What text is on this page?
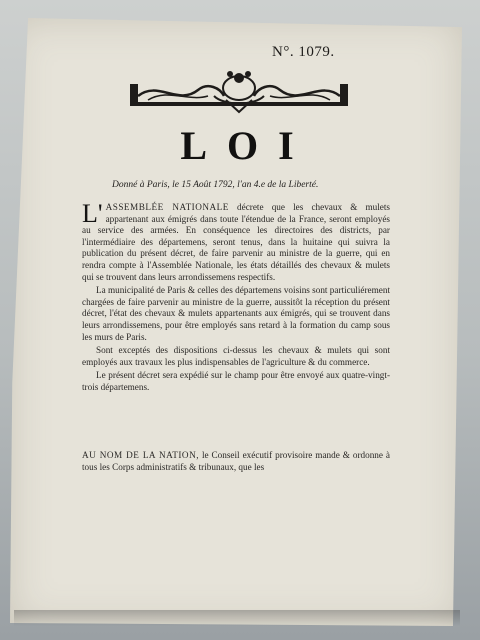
N°. 1079.
LOI
Donné à Paris, le 15 Août 1792, l'an 4.e de la Liberté.

L' ASSEMBLÉE NATIONALE décrete que les chevaux & mulets appartenant aux émigrés dans toute l'étendue de la France, seront employés au service des armées. En conséquence les directoires des districts, par l'intermédiaire des départemens, seront tenus, dans la huitaine qui suivra la publication du présent décret, de faire parvenir au ministre de la guerre, qui en rendra compte à l'Assemblée Nationale, les états détaillés des chevaux & mulets qui se trouvent dans leurs arrondissemens respectifs.

La municipalité de Paris & celles des départemens voisins sont particuliérement chargées de faire parvenir au ministre de la guerre, aussitôt la réception du présent décret, l'état des chevaux & mulets appartenants aux émigrés, qui se trouvent dans leurs arrondissemens, pour être employés sans retard à la formation du camp sous les murs de Paris.

Sont exceptés des dispositions ci-dessus les chevaux & mulets qui sont employés aux travaux les plus indispensables de l'agriculture & du commerce.

Le présent décret sera expédié sur le champ pour être envoyé aux quatre-vingt-trois départemens.

AU NOM DE LA NATION, le Conseil exécutif provisoire mande & ordonne à tous les Corps administratifs & tribunaux, que les
